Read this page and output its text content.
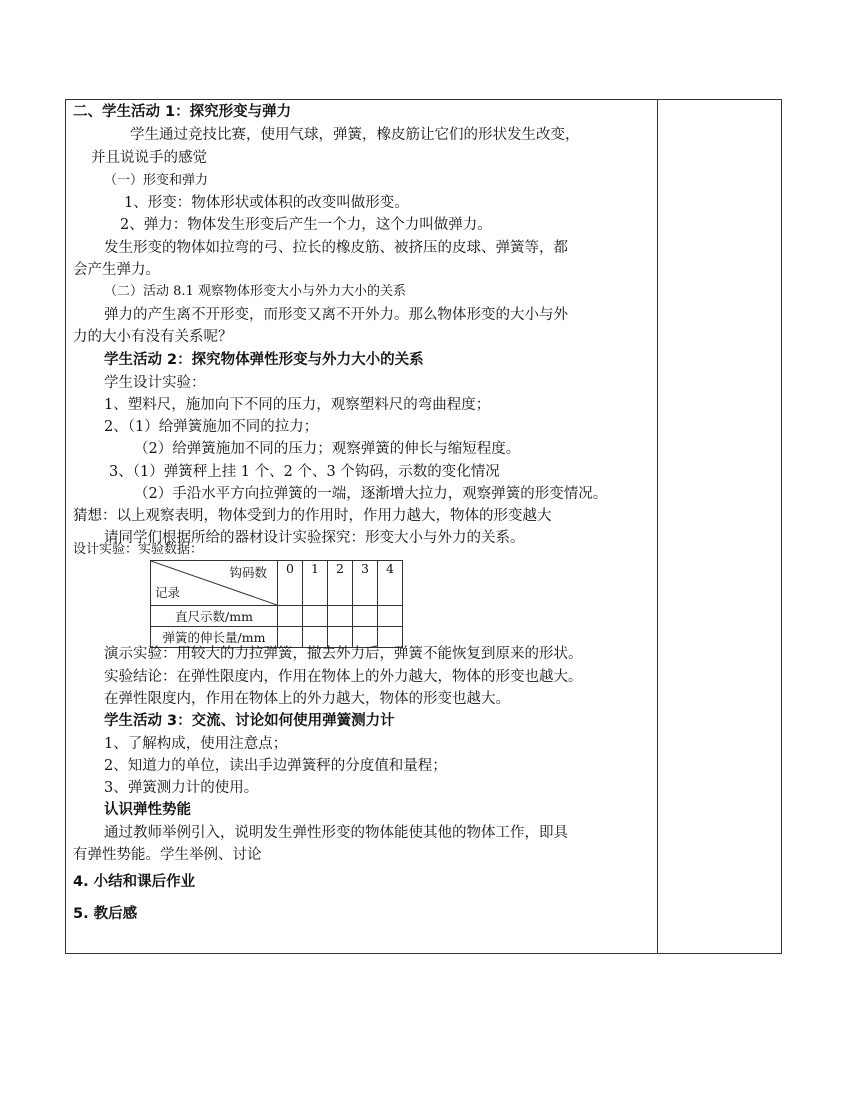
二、学生活动 1：探究形变与弹力
学生通过竞技比赛，使用气球，弹簧，橡皮筋让它们的形状发生改变，
并且说说手的感觉
（一）形变和弹力
1、形变：物体形状或体积的改变叫做形变。
2、弹力：物体发生形变后产生一个力，这个力叫做弹力。
发生形变的物体如拉弯的弓、拉长的橡皮筋、被挤压的皮球、弹簧等，都
会产生弹力。
（二）活动 8.1 观察物体形变大小与外力大小的关系
弹力的产生离不开形变，而形变又离不开外力。那么物体形变的大小与外
力的大小有没有关系呢？
学生活动 2：探究物体弹性形变与外力大小的关系
学生设计实验：
1、塑料尺，施加向下不同的压力，观察塑料尺的弯曲程度；
2、（1）给弹簧施加不同的拉力；
（2）给弹簧施加不同的压力；观察弹簧的伸长与缩短程度。
3、（1）弹簧秤上挂 1 个、2 个、3 个钩码，示数的变化情况
（2）手沿水平方向拉弹簧的一端，逐渐增大拉力，观察弹簧的形变情况。
猜想：以上观察表明，物体受到力的作用时，作用力越大，物体的形变越大
请同学们根据所给的器材设计实验探究：形变大小与外力的关系。
设计实验：实验数据：
钩码数
记录	0	1	2	3	4
直尺示数/mm					
弹簧的伸长量/mm					
演示实验：用较大的力拉弹簧，撤去外力后，弹簧不能恢复到原来的形状。
实验结论：在弹性限度内，作用在物体上的外力越大，物体的形变也越大。
在弹性限度内，作用在物体上的外力越大，物体的形变也越大。
学生活动 3：交流、讨论如何使用弹簧测力计
1、了解构成，使用注意点；
2、知道力的单位，读出手边弹簧秤的分度值和量程；
3、弹簧测力计的使用。
认识弹性势能
通过教师举例引入，说明发生弹性形变的物体能使其他的物体工作，即具
有弹性势能。学生举例、讨论
4. 小结和课后作业
5. 教后感
